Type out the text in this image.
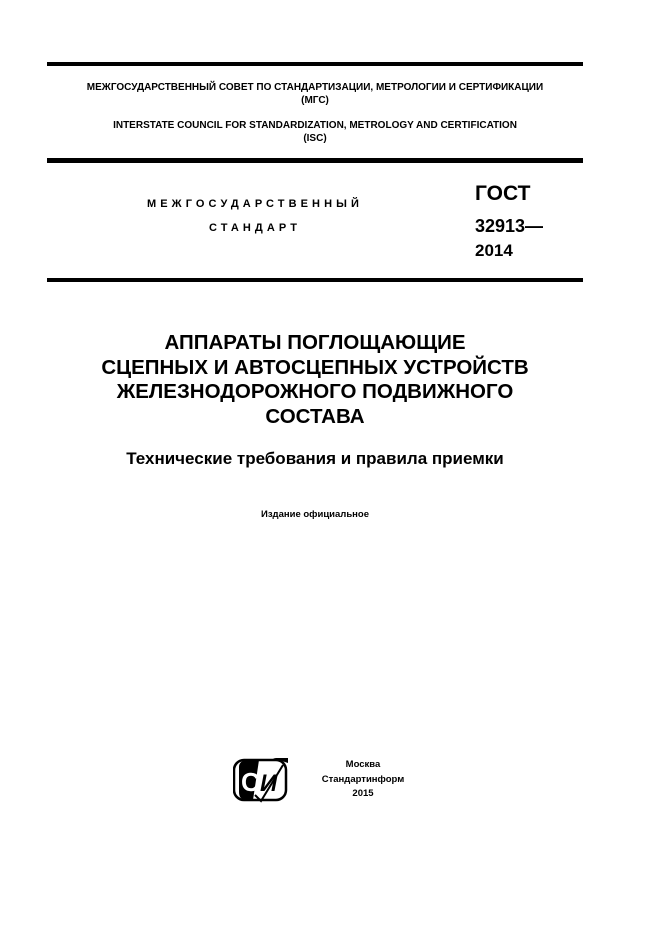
МЕЖГОСУДАРСТВЕННЫЙ СОВЕТ ПО СТАНДАРТИЗАЦИИ, МЕТРОЛОГИИ И СЕРТИФИКАЦИИ
(МГС)
INTERSTATE COUNCIL FOR STANDARDIZATION, METROLOGY AND CERTIFICATION
(ISC)
МЕЖГОСУДАРСТВЕННЫЙ
СТАНДАРТ
ГОСТ
32913—
2014
АППАРАТЫ ПОГЛОЩАЮЩИЕ
СЦЕПНЫХ И АВТОСЦЕПНЫХ УСТРОЙСТВ
ЖЕЛЕЗНОДОРОЖНОГО ПОДВИЖНОГО
СОСТАВА
Технические требования и правила приемки
Издание официальное
С И
Москва
Стандартинформ
2015
